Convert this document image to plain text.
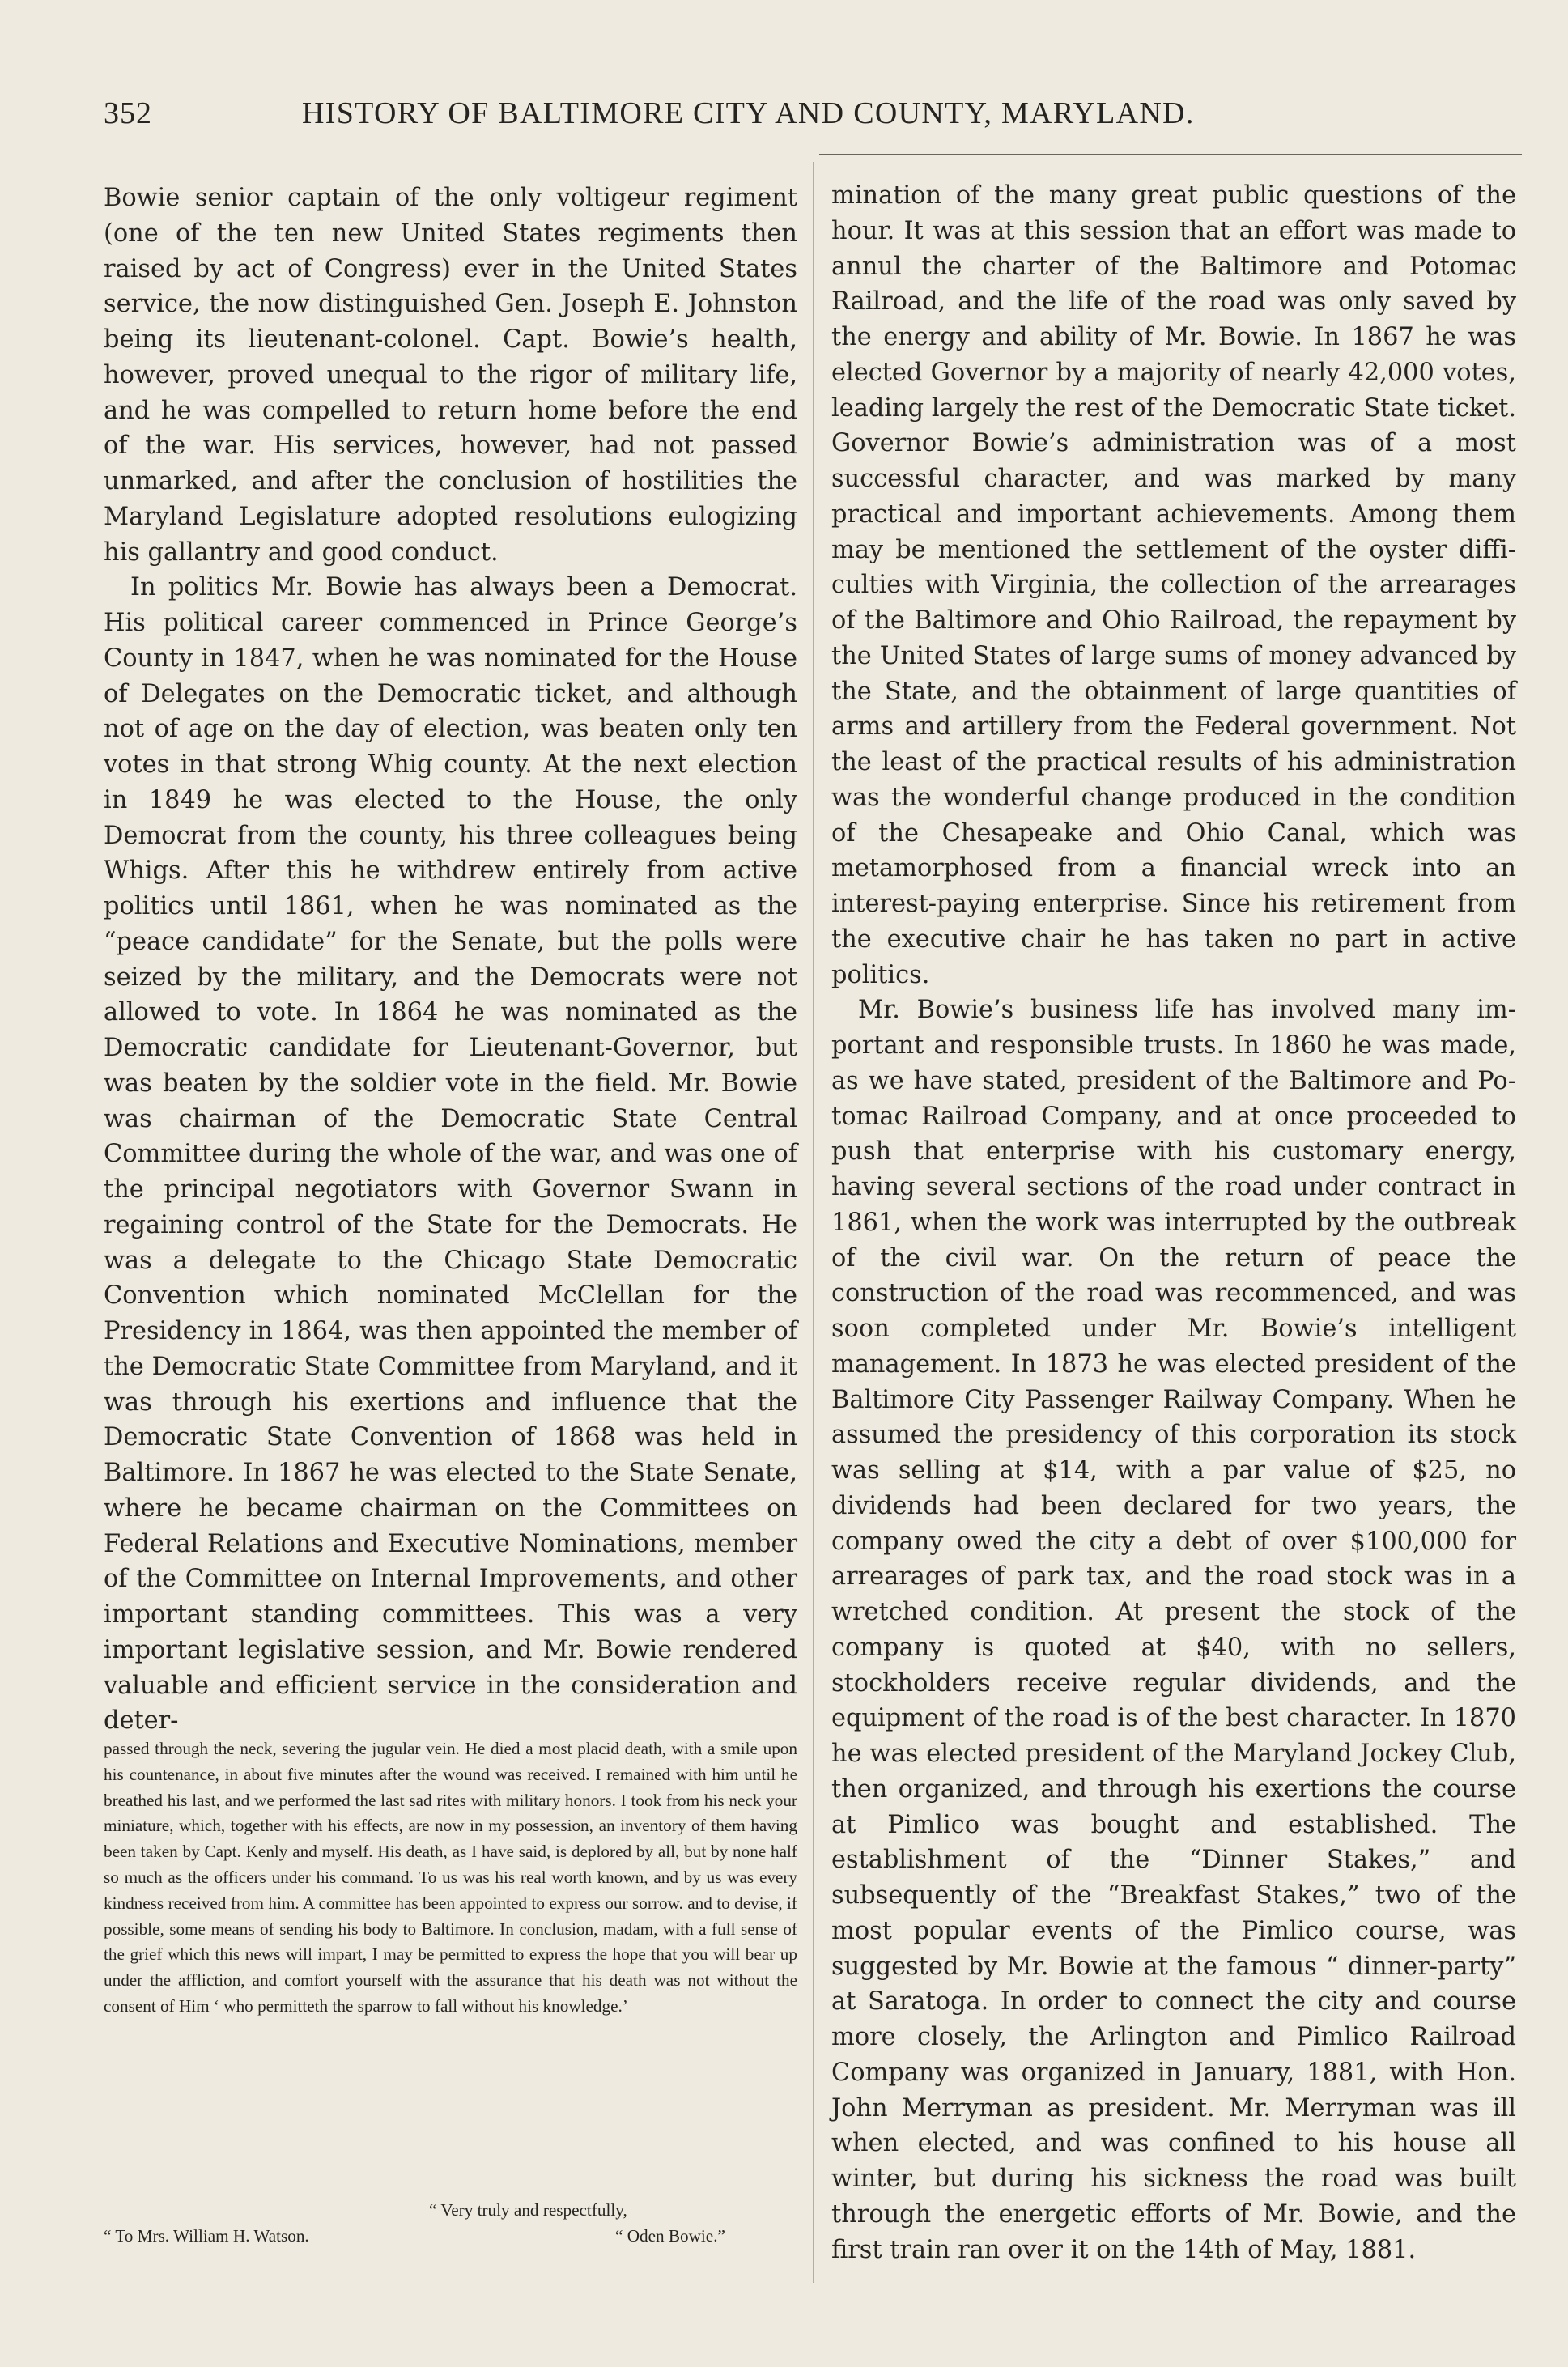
352	HISTORY OF BALTIMORE CITY AND COUNTY, MARYLAND.

Bowie senior captain of the only voltigeur regiment (one of the ten new United States regiments then raised by act of Congress) ever in the United States service, the now distinguished Gen. Joseph E. Johnston being its lieutenant-colonel. Capt. Bowie’s health, however, proved unequal to the rigor of military life, and he was compelled to return home before the end of the war. His services, however, had not passed unmarked, and after the conclusion of hostilities the Maryland Legislature adopted resolutions eulogizing his gallantry and good conduct.

In politics Mr. Bowie has always been a Democrat. His political career commenced in Prince George’s County in 1847, when he was nominated for the House of Delegates on the Democratic ticket, and although not of age on the day of election, was beaten only ten votes in that strong Whig county. At the next election in 1849 he was elected to the House, the only Democrat from the county, his three colleagues being Whigs. After this he withdrew entirely from active politics until 1861, when he was nominated as the “peace candidate” for the Senate, but the polls were seized by the military, and the Democrats were not allowed to vote. In 1864 he was nominated as the Democratic candidate for Lieutenant-Governor, but was beaten by the soldier vote in the field. Mr. Bowie was chairman of the Democratic State Central Committee during the whole of the war, and was one of the principal negotiators with Governor Swann in regaining control of the State for the Democrats. He was a delegate to the Chicago State Democratic Convention which nominated McClellan for the Presidency in 1864, was then appointed the member of the Democratic State Committee from Maryland, and it was through his exertions and influence that the Democratic State Convention of 1868 was held in Baltimore. In 1867 he was elected to the State Senate, where he became chairman on the Committees on Federal Relations and Executive Nominations, member of the Committee on Internal Improvements, and other important standing committees. This was a very important legislative session, and Mr. Bowie rendered valuable and efficient service in the consideration and deter-

passed through the neck, severing the jugular vein. He died a most placid death, with a smile upon his countenance, in about five minutes after the wound was received. I remained with him until he breathed his last, and we performed the last sad rites with military honors. I took from his neck your miniature, which, together with his effects, are now in my possession, an inventory of them having been taken by Capt. Kenly and myself. His death, as I have said, is deplored by all, but by none half so much as the officers under his command. To us was his real worth known, and by us was every kindness received from him. A committee has been appointed to express our sorrow. and to devise, if possible, some means of sending his body to Baltimore. In conclusion, madam, with a full sense of the grief which this news will impart, I may be permitted to express the hope that you will bear up under the affliction, and comfort yourself with the assurance that his death was not without the consent of Him ‘ who permitteth the sparrow to fall without his knowledge.’

“ Very truly and respectfully,
“ To Mrs. William H. Watson.	“ Oden Bowie.”

mination of the many great public questions of the hour. It was at this session that an effort was made to annul the charter of the Baltimore and Potomac Railroad, and the life of the road was only saved by the energy and ability of Mr. Bowie. In 1867 he was elected Governor by a majority of nearly 42,000 votes, leading largely the rest of the Democratic State ticket. Governor Bowie’s administration was of a most successful character, and was marked by many practical and important achievements. Among them may be mentioned the settlement of the oyster difficulties with Virginia, the collection of the arrearages of the Baltimore and Ohio Railroad, the repayment by the United States of large sums of money advanced by the State, and the obtainment of large quantities of arms and artillery from the Federal government. Not the least of the practical results of his administration was the wonderful change produced in the condition of the Chesapeake and Ohio Canal, which was metamorphosed from a financial wreck into an interest-paying enterprise. Since his retirement from the executive chair he has taken no part in active politics.

Mr. Bowie’s business life has involved many important and responsible trusts. In 1860 he was made, as we have stated, president of the Baltimore and Potomac Railroad Company, and at once proceeded to push that enterprise with his customary energy, having several sections of the road under contract in 1861, when the work was interrupted by the outbreak of the civil war. On the return of peace the construction of the road was recommenced, and was soon completed under Mr. Bowie’s intelligent management. In 1873 he was elected president of the Baltimore City Passenger Railway Company. When he assumed the presidency of this corporation its stock was selling at $14, with a par value of $25, no dividends had been declared for two years, the company owed the city a debt of over $100,000 for arrearages of park tax, and the road stock was in a wretched condition. At present the stock of the company is quoted at $40, with no sellers, stockholders receive regular dividends, and the equipment of the road is of the best character. In 1870 he was elected president of the Maryland Jockey Club, then organized, and through his exertions the course at Pimlico was bought and established. The establishment of the “Dinner Stakes,” and subsequently of the “Breakfast Stakes,” two of the most popular events of the Pimlico course, was suggested by Mr. Bowie at the famous “ dinner-party” at Saratoga. In order to connect the city and course more closely, the Arlington and Pimlico Railroad Company was organized in January, 1881, with Hon. John Merryman as president. Mr. Merryman was ill when elected, and was confined to his house all winter, but during his sickness the road was built through the energetic efforts of Mr. Bowie, and the first train ran over it on the 14th of May, 1881.
